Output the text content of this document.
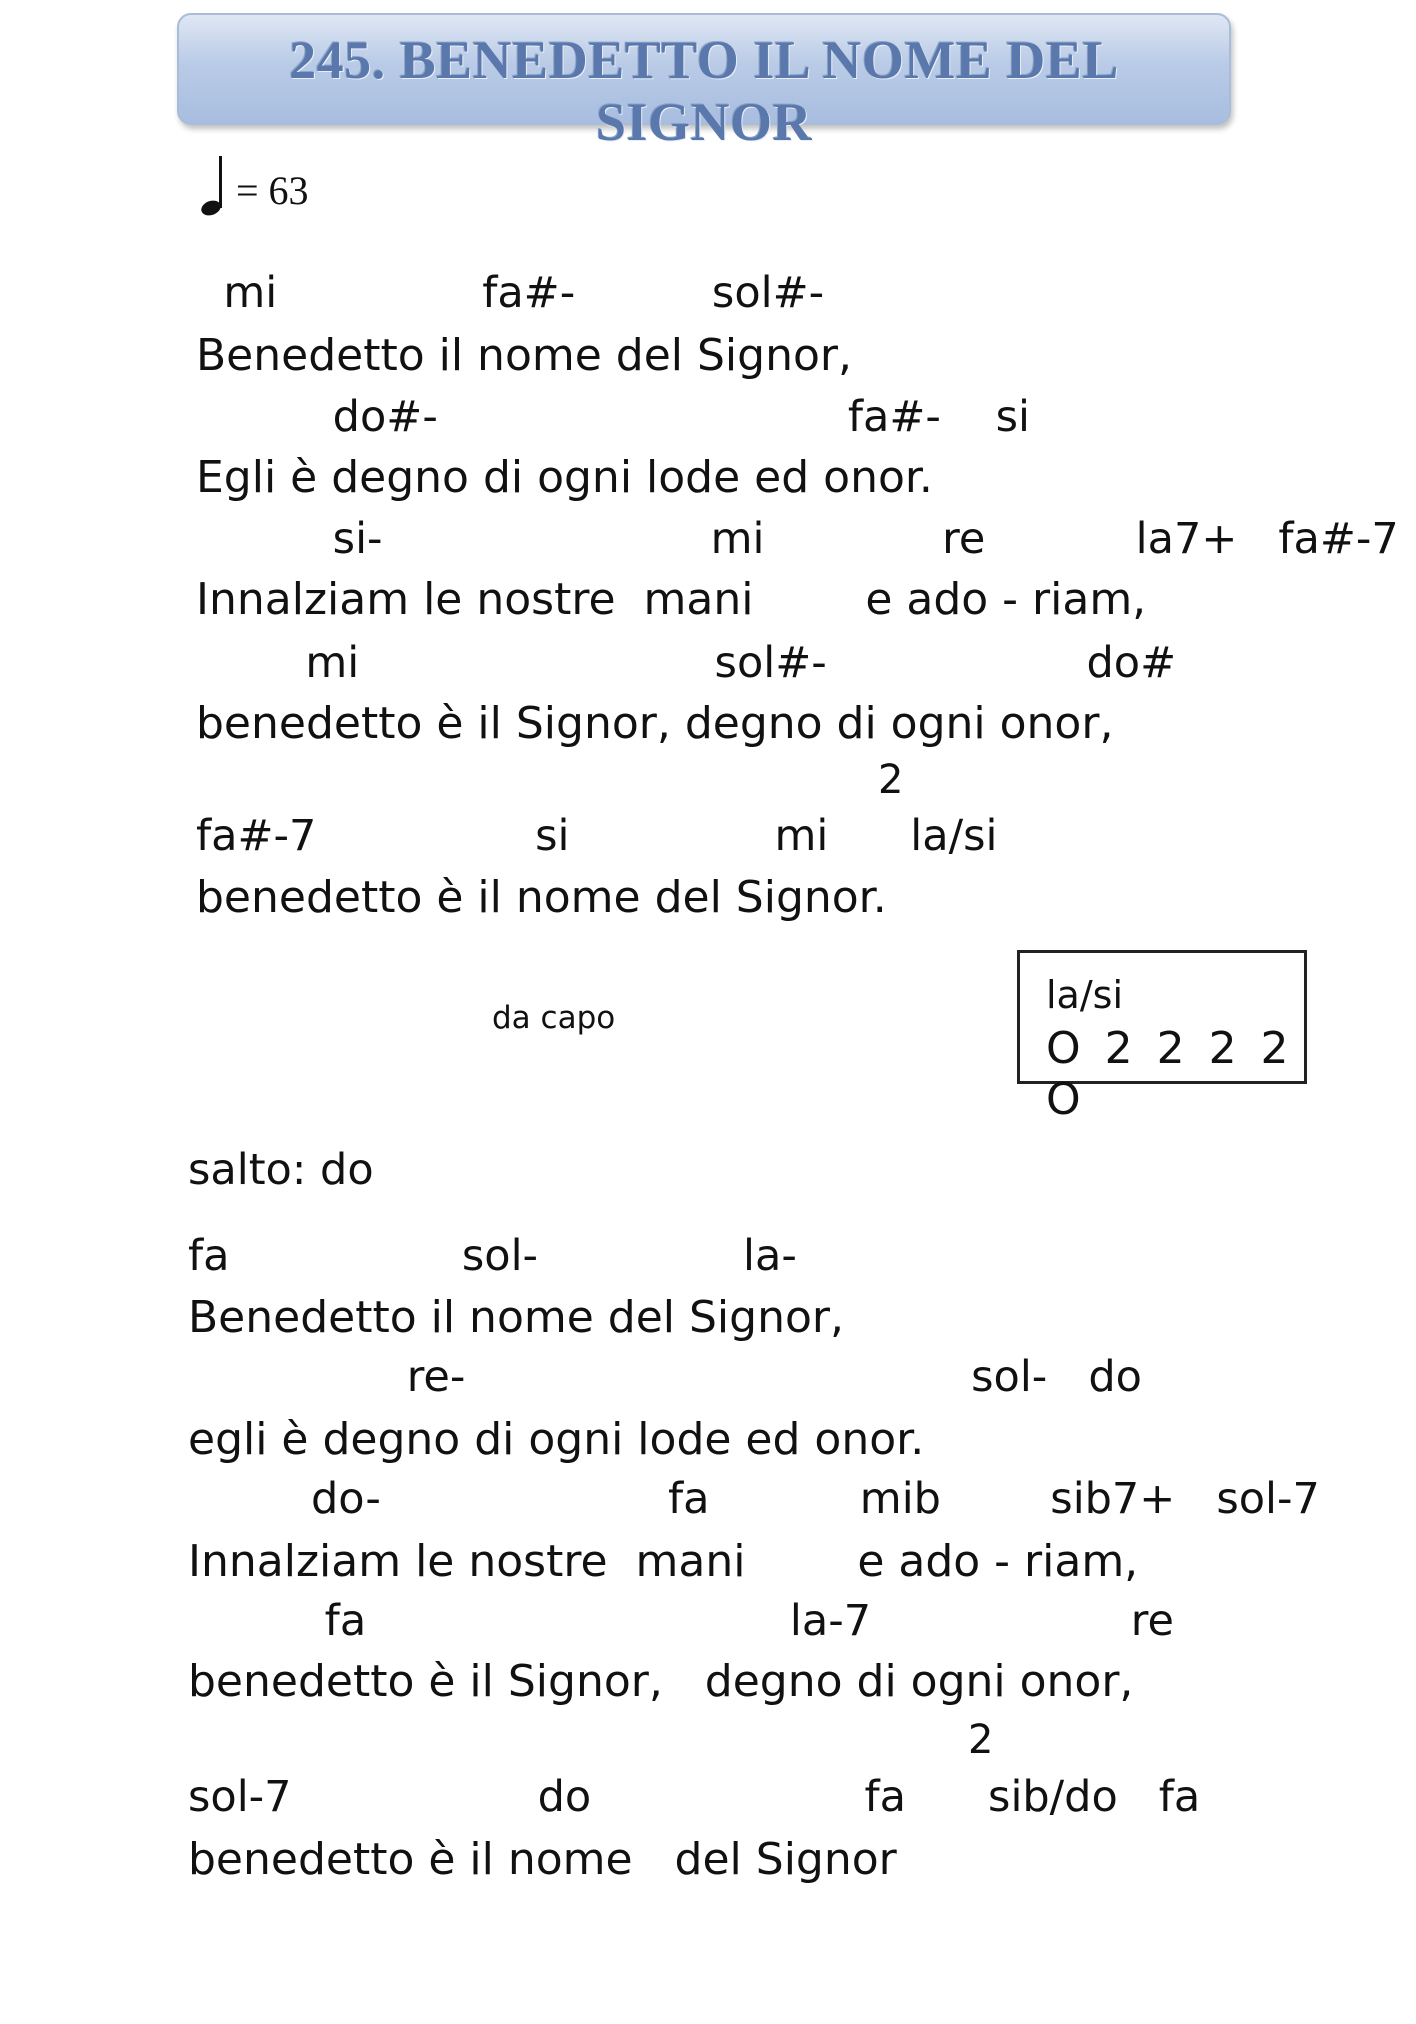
245. BENEDETTO IL NOME DEL SIGNOR
= 63
mi               fa#-          sol#-
Benedetto il nome del Signor,
do#-                              fa#-    si
Egli è degno di ogni lode ed onor.
si-                        mi             re           la7+   fa#-7
Innalziam le nostre  mani        e ado - riam,
mi                          sol#-                   do#
benedetto è il Signor, degno di ogni onor,
2
fa#-7                si               mi      la/si
benedetto è il nome del Signor.
da capo
la/si
O 2 2 2 2 O
salto: do
fa                 sol-               la-
Benedetto il nome del Signor,
re-                                     sol-   do
egli è degno di ogni lode ed onor.
do-                     fa           mib        sib7+   sol-7
Innalziam le nostre  mani        e ado - riam,
fa                               la-7                   re
benedetto è il Signor,   degno di ogni onor,
2
sol-7                  do                    fa      sib/do   fa
benedetto è il nome   del Signor
